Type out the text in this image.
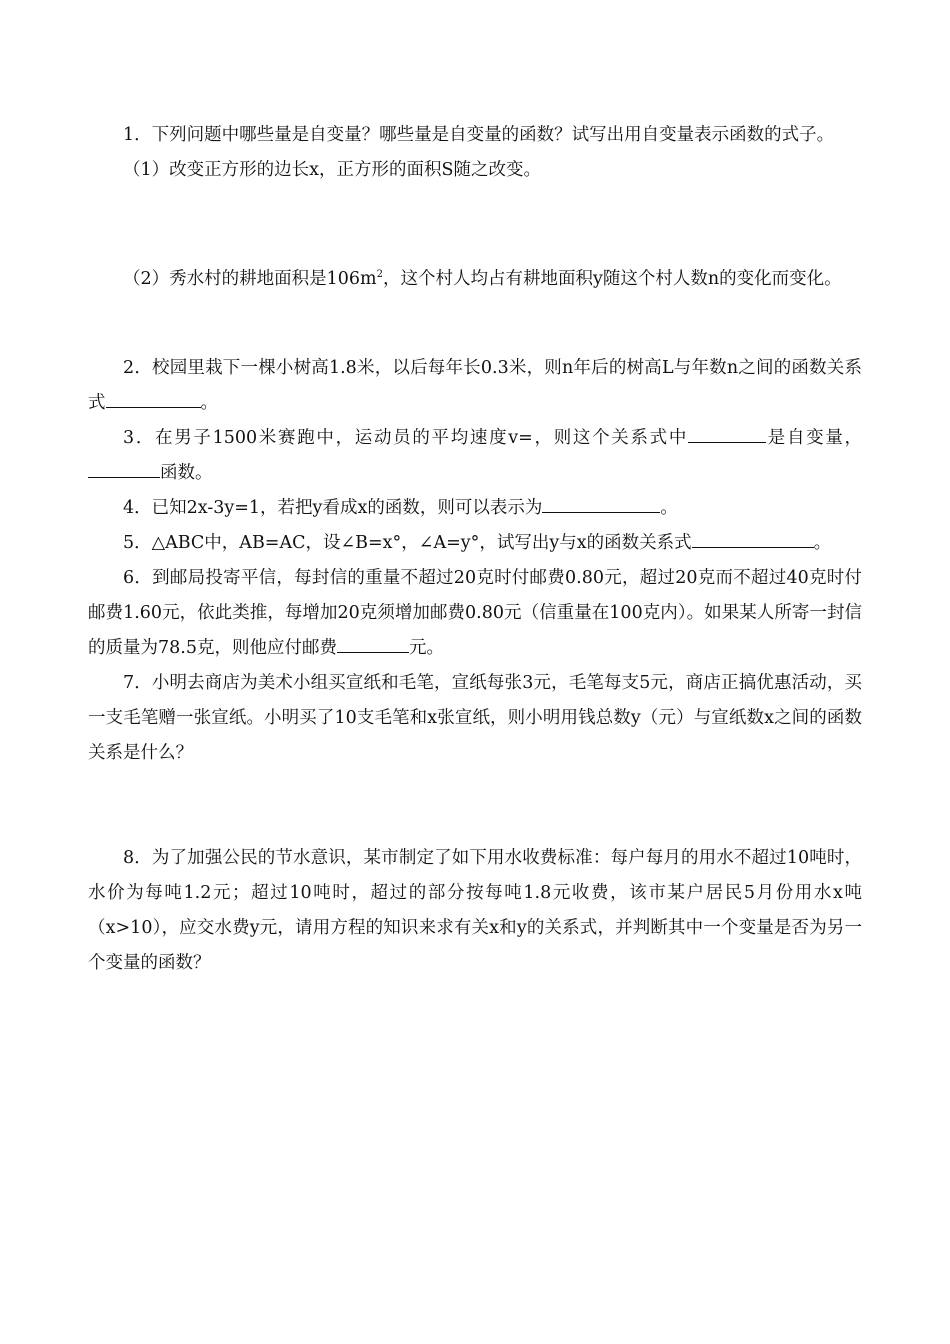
1．下列问题中哪些量是自变量？哪些量是自变量的函数？试写出用自变量表示函数的式子。

（1）改变正方形的边长x，正方形的面积S随之改变。

（2）秀水村的耕地面积是$106m^2$，这个村人均占有耕地面积y随这个村人数n的变化而变化。

2．校园里栽下一棵小树高1.8米，以后每年长0.3米，则n年后的树高L与年数n之间的函数关系式	。

3．在男子1500米赛跑中，运动员的平均速度v=，则这个关系式中	是自变量，函数。

4．已知2x-3y=1，若把y看成x的函数，则可以表示为	。

5．△ABC中，AB=AC，设∠B=x°，∠A=y°，试写出y与x的函数关系式	。

6．到邮局投寄平信，每封信的重量不超过20克时付邮费0.80元，超过20克而不超过40克时付邮费1.60元，依此类推，每增加20克须增加邮费0.80元（信重量在100克内）。如果某人所寄一封信的质量为78.5克，则他应付邮费	元。

7．小明去商店为美术小组买宣纸和毛笔，宣纸每张3元，毛笔每支5元，商店正搞优惠活动，买一支毛笔赠一张宣纸。小明买了10支毛笔和x张宣纸，则小明用钱总数y（元）与宣纸数x之间的函数关系是什么？

8．为了加强公民的节水意识，某市制定了如下用水收费标准：每户每月的用水不超过10吨时，水价为每吨1.2元；超过10吨时，超过的部分按每吨1.8元收费，该市某户居民5月份用水x吨（x>10），应交水费y元，请用方程的知识来求有关x和y的关系式，并判断其中一个变量是否为另一个变量的函数？
